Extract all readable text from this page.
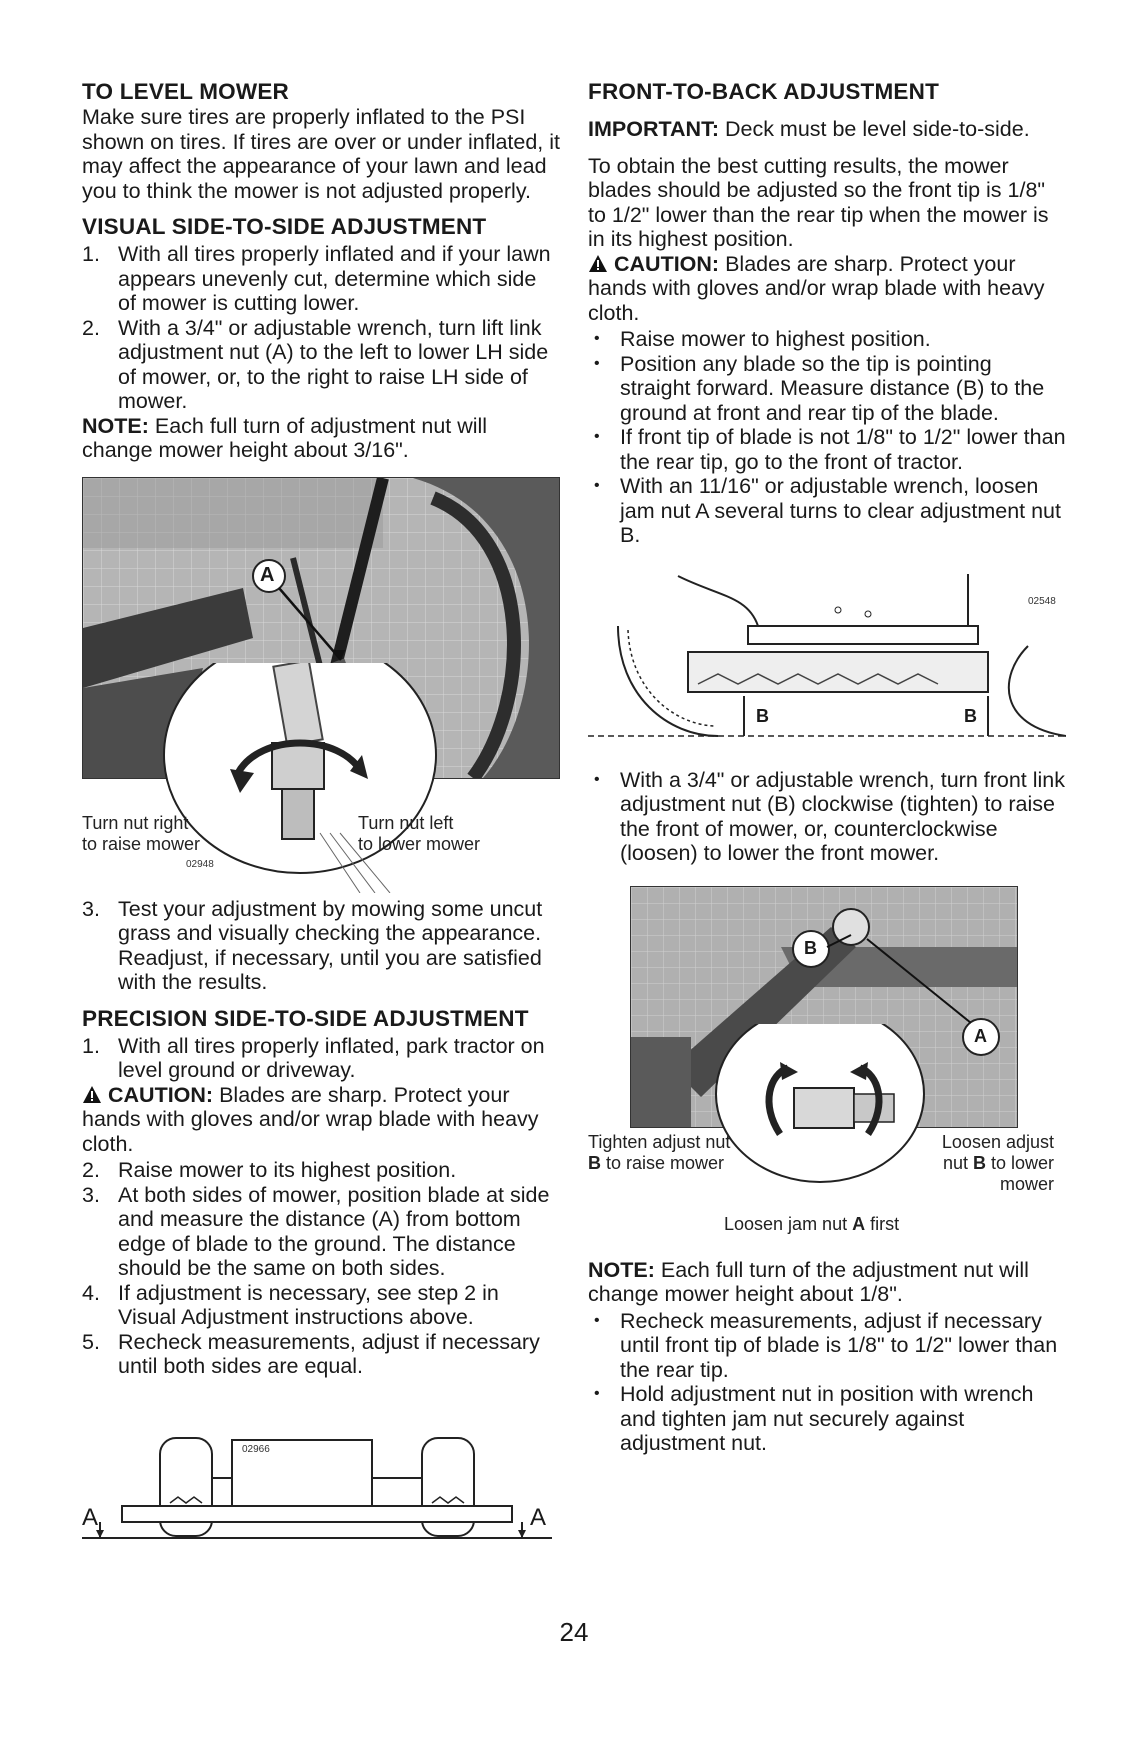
TO LEVEL MOWER

Make sure tires are properly inflated to the PSI shown on tires. If tires are over or under inflated, it may affect the appearance of your lawn and lead you to think the mower is not adjusted properly.

VISUAL SIDE-TO-SIDE ADJUSTMENT
1. With all tires properly inflated and if your lawn appears unevenly cut, determine which side of mower is cutting lower.
2. With a 3/4" or adjustable wrench, turn lift link adjustment nut (A) to the left to lower LH side of mower, or, to the right to raise LH side of mower.

NOTE: Each full turn of adjustment nut will change mower height about 3/16".

A
Turn nut right
to raise mower
Turn nut left
to lower mower
02948
3. Test your adjustment by mowing some uncut grass and visually checking the appearance. Readjust, if necessary, until you are satisfied with the results.
PRECISION SIDE-TO-SIDE ADJUSTMENT
1. With all tires properly inflated, park tractor on level ground or driveway.

CAUTION: Blades are sharp. Protect your hands with gloves and/or wrap blade with heavy cloth.

2. Raise mower to its highest position.
3. At both sides of mower, position blade at side and measure the distance (A) from bottom edge of blade to the ground. The distance should be the same on both sides.
4. If adjustment is necessary, see step 2 in Visual Adjustment instructions above.
5. Recheck measurements, adjust if necessary until both sides are equal.
A	A
02966
FRONT-TO-BACK ADJUSTMENT

IMPORTANT: Deck must be level side-to-side.

To obtain the best cutting results, the mower blades should be adjusted so the front tip is 1/8" to 1/2" lower than the rear tip when the mower is in its highest position.

CAUTION: Blades are sharp. Protect your hands with gloves and/or wrap blade with heavy cloth.

• Raise mower to highest position.
• Position any blade so the tip is pointing straight forward. Measure distance (B) to the ground at front and rear tip of the blade.
• If front tip of blade is not 1/8" to 1/2" lower than the rear tip, go to the front of tractor.
• With an 11/16" or adjustable wrench, loosen jam nut A several turns to clear adjustment nut B.
B	B
02548
• With a 3/4" or adjustable wrench, turn front link adjustment nut (B) clockwise (tighten) to raise the front of mower, or, counterclockwise (loosen) to lower the front mower.
B
A
Tighten adjust nut
B to raise mower
Loosen adjust
nut B to lower
mower
Loosen jam nut A first

NOTE: Each full turn of the adjustment nut will change mower height about 1/8".

• Recheck measurements, adjust if necessary until front tip of blade is 1/8" to 1/2" lower than the rear tip.
• Hold adjustment nut in position with wrench and tighten jam nut securely against adjustment nut.
24
